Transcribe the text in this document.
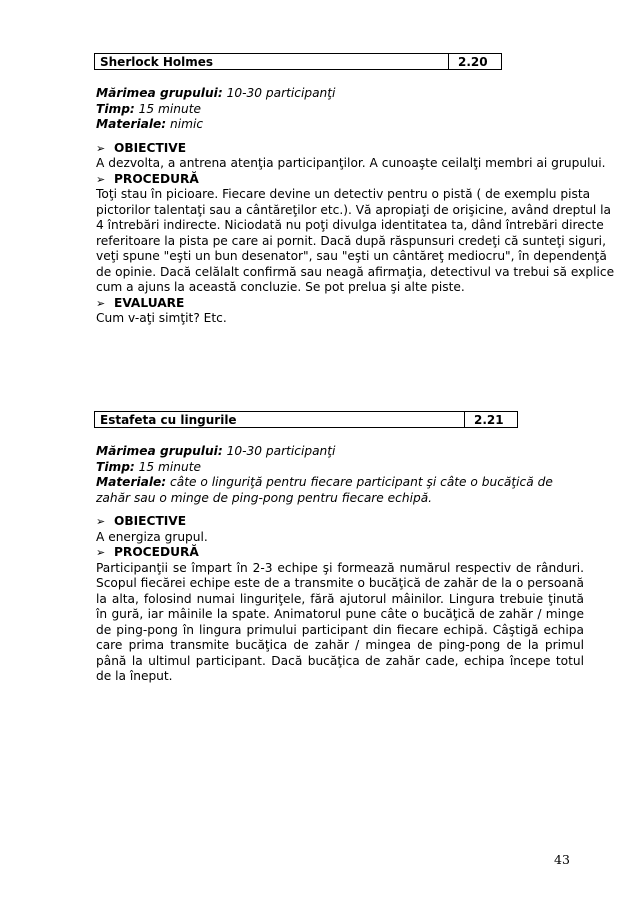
Sherlock Holmes	2.20
Mărimea grupului: 10-30 participanţi
Timp: 15 minute
Materiale: nimic
➢ OBIECTIVE
A dezvolta, a antrena atenţia participanţilor. A cunoaşte ceilalţi membri ai grupului.
➢ PROCEDURĂ
Toţi stau în picioare. Fiecare devine un detectiv pentru o pistă ( de exemplu pista
pictorilor talentaţi sau a cântăreţilor etc.). Vă apropiaţi de orişicine, având dreptul la
4 întrebări indirecte. Niciodată nu poţi divulga identitatea ta, dând întrebări directe
referitoare la pista pe care ai pornit. Dacă după răspunsuri credeţi că sunteţi siguri,
veţi spune "eşti un bun desenator", sau "eşti un cântăreţ mediocru", în dependenţă
de opinie. Dacă celălalt confirmă sau neagă afirmaţia, detectivul va trebui să explice
cum a ajuns la această concluzie. Se pot prelua şi alte piste.
➢ EVALUARE
Cum v-aţi simţit? Etc.
Estafeta cu lingurile	2.21
Mărimea grupului: 10-30 participanţi
Timp: 15 minute
Materiale: câte o linguriţă pentru fiecare participant şi câte o bucăţică de zahăr sau o minge de ping-pong pentru fiecare echipă.
➢ OBIECTIVE
A energiza grupul.
➢ PROCEDURĂ
Participanţii se împart în 2-3 echipe şi formează numărul respectiv de rânduri. Scopul fiecărei echipe este de a transmite o bucăţică de zahăr de la o persoană la alta, folosind numai linguriţele, fără ajutorul mâinilor. Lingura trebuie ţinută în gură, iar mâinile la spate. Animatorul pune câte o bucăţică de zahăr / minge de ping-pong în lingura primului participant din fiecare echipă. Câştigă echipa care prima transmite bucăţica de zahăr / mingea de ping-pong de la primul până la ultimul participant. Dacă bucăţica de zahăr cade, echipa începe totul de la îneput.
43
